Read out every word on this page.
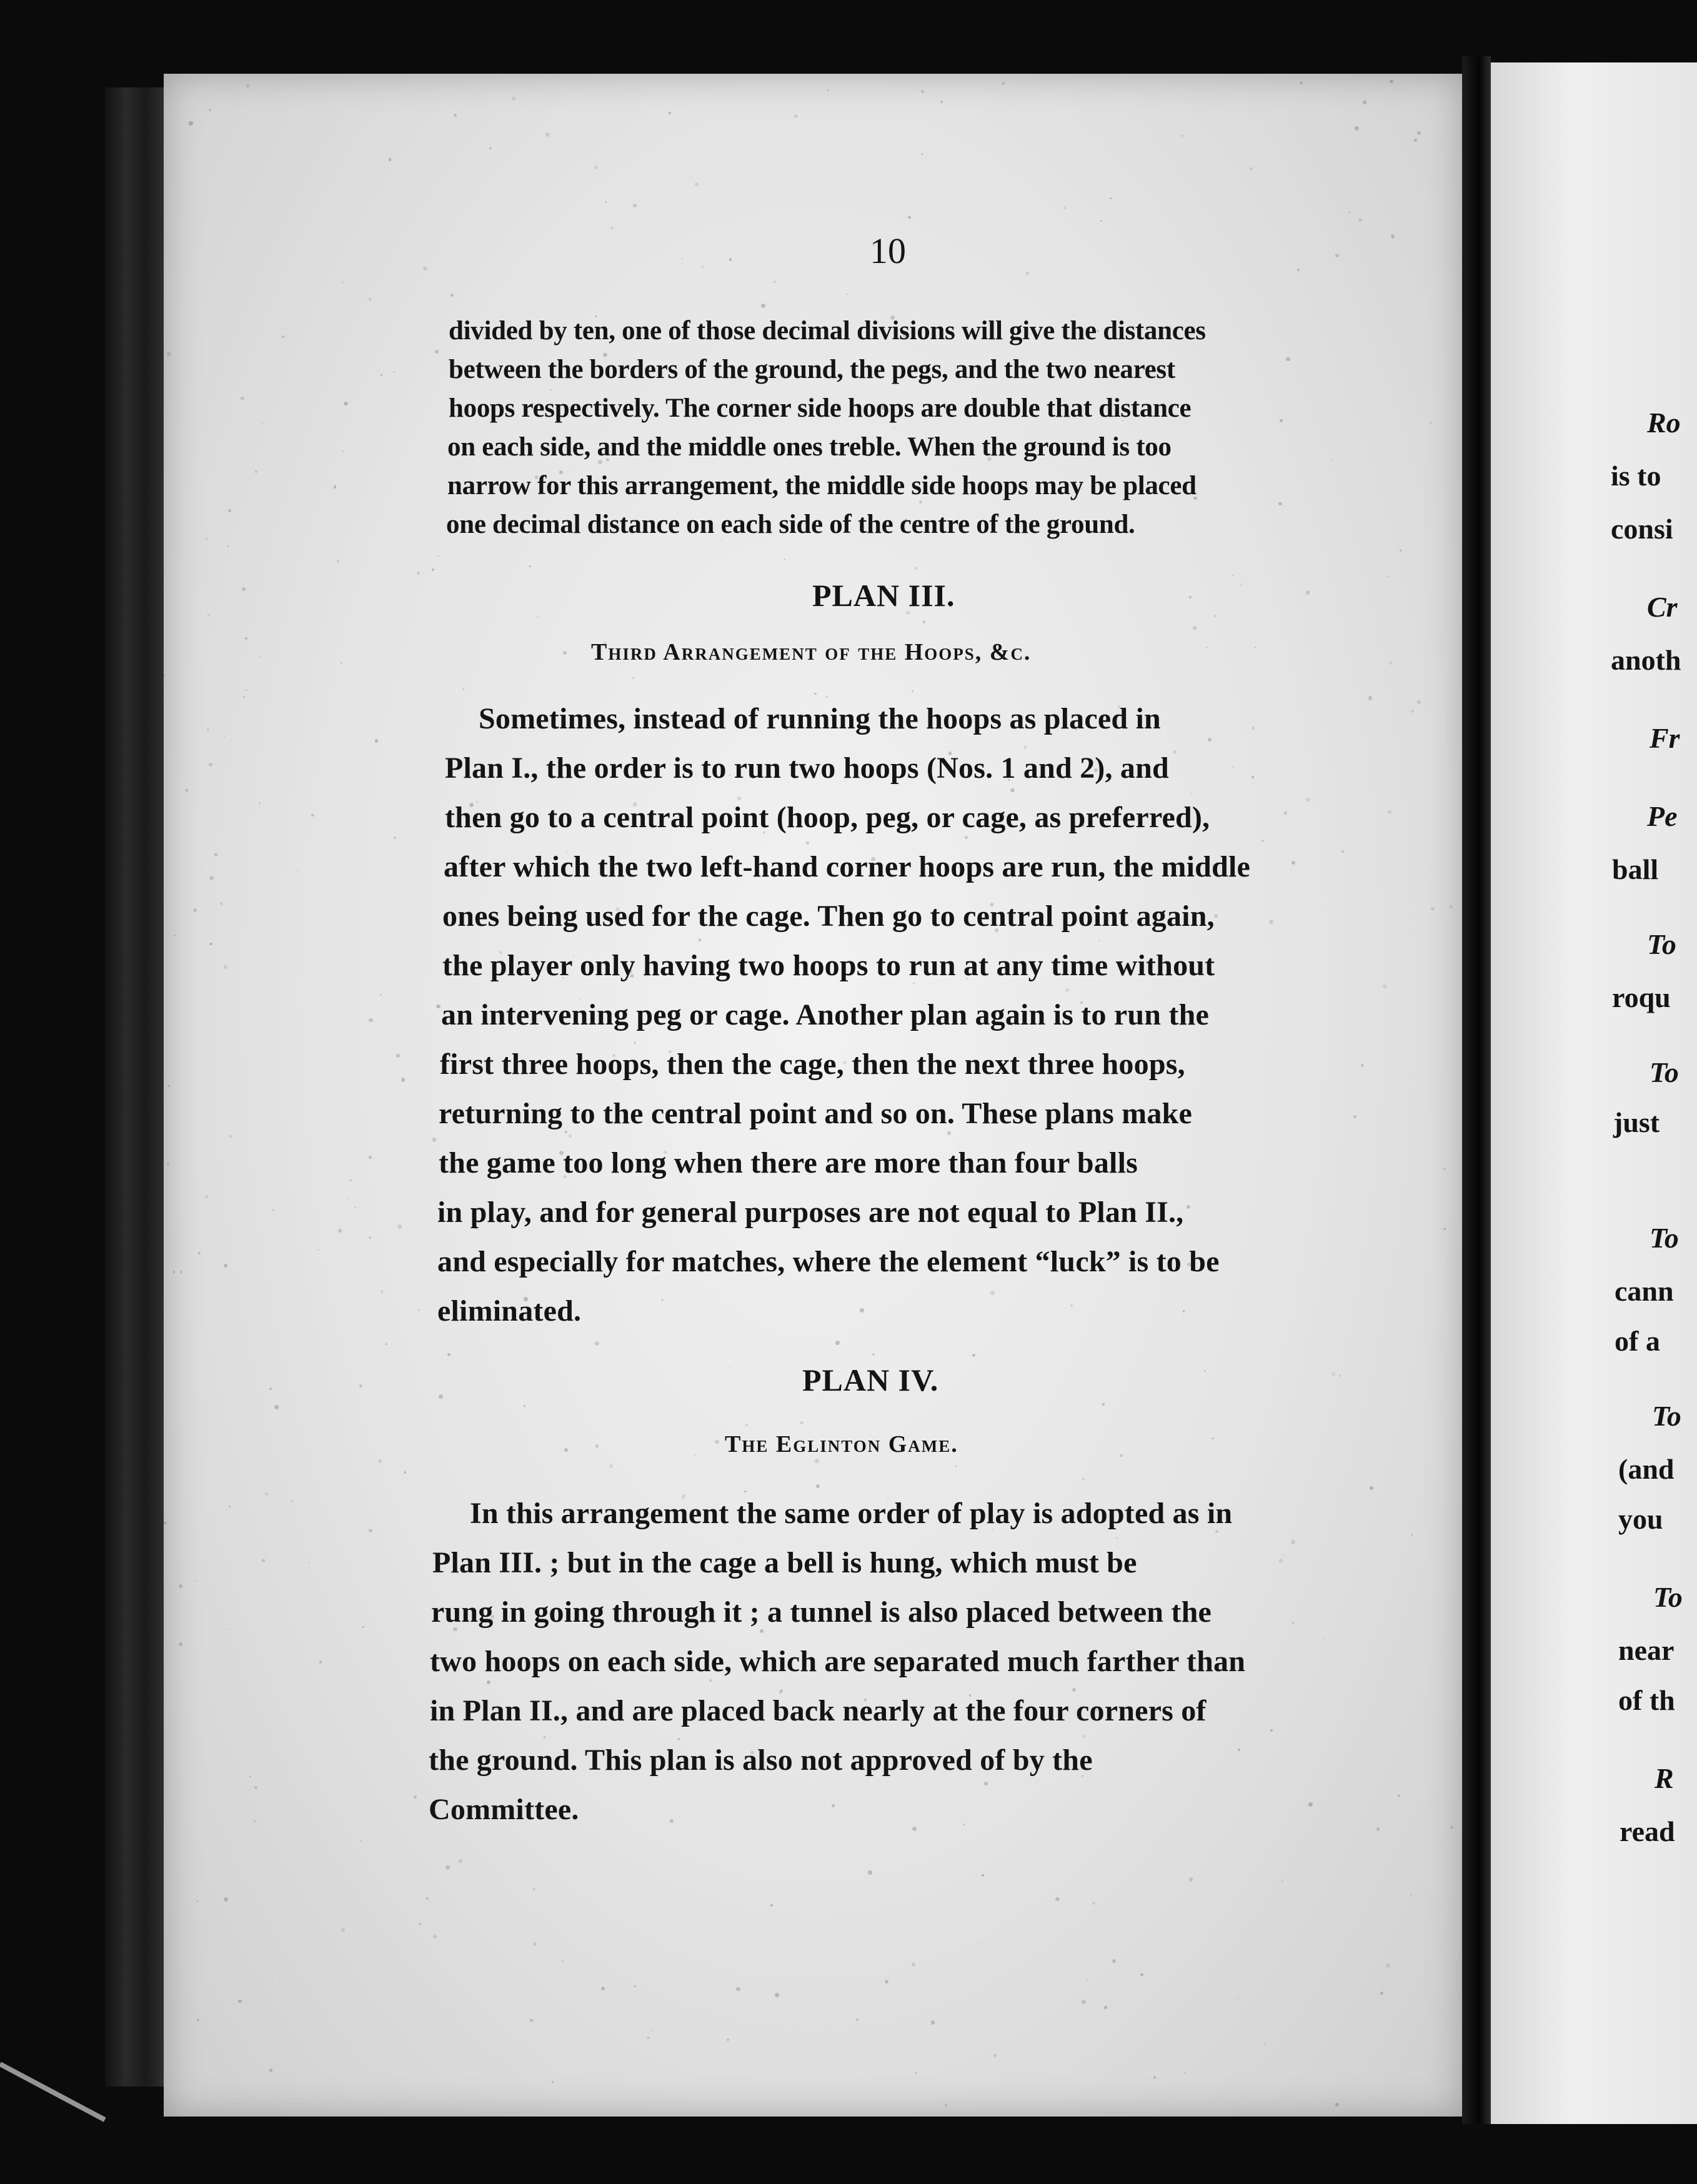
10
divided by ten, one of those decimal divisions will give the distances
between the borders of the ground, the pegs, and the two nearest
hoops respectively. The corner side hoops are double that distance
on each side, and the middle ones treble. When the ground is too
narrow for this arrangement, the middle side hoops may be placed
one decimal distance on each side of the centre of the ground.
PLAN III.
Third Arrangement of the Hoops, &c.
Sometimes, instead of running the hoops as placed in
Plan I., the order is to run two hoops (Nos. 1 and 2), and
then go to a central point (hoop, peg, or cage, as preferred),
after which the two left-hand corner hoops are run, the middle
ones being used for the cage. Then go to central point again,
the player only having two hoops to run at any time without
an intervening peg or cage. Another plan again is to run the
first three hoops, then the cage, then the next three hoops,
returning to the central point and so on. These plans make
the game too long when there are more than four balls
in play, and for general purposes are not equal to Plan II.,
and especially for matches, where the element “luck” is to be
eliminated.
PLAN IV.
The Eglinton Game.
In this arrangement the same order of play is adopted as in
Plan III. ; but in the cage a bell is hung, which must be
rung in going through it ; a tunnel is also placed between the
two hoops on each side, which are separated much farther than
in Plan II., and are placed back nearly at the four corners of
the ground. This plan is also not approved of by the
Committee.
Ro
is to
consi
Cr
anoth
Fr
Pe
ball
To
roqu
To
just
To
cann
of a
To
(and
you
To
near
of th
R
read
